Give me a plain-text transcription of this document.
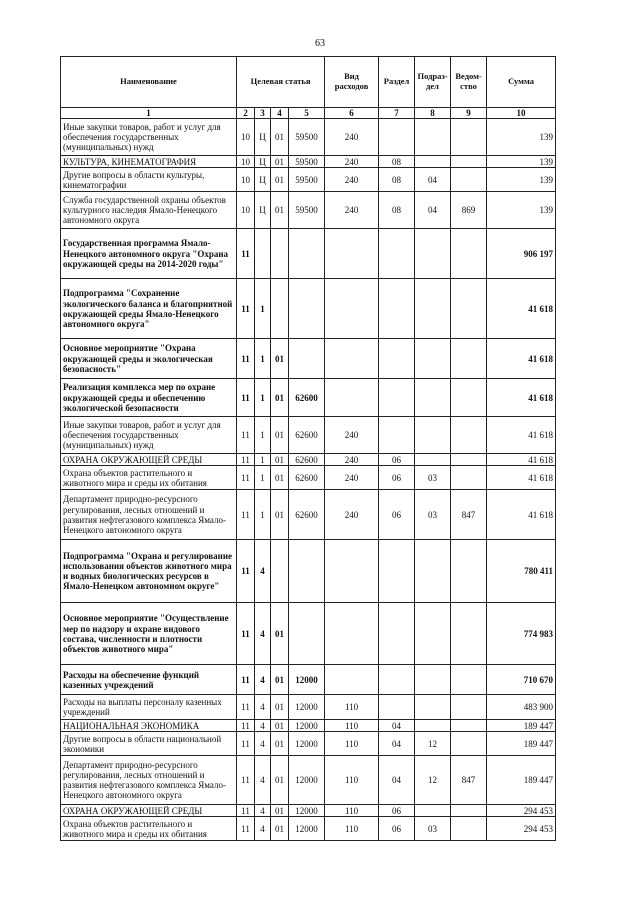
63
Наименование	Целевая статья				Вид расходов	Раздел	Подраз-дел	Ведом-ство	Сумма
1	2	3	4	5	6	7	8	9	10
Иные закупки товаров, работ и услуг для обеспечения государственных (муниципальных) нужд	10	Ц	01	59500	240				139
КУЛЬТУРА, КИНЕМАТОГРАФИЯ	10	Ц	01	59500	240	08			139
Другие вопросы в области культуры, кинематографии	10	Ц	01	59500	240	08	04		139
Служба государственной охраны объектов культурного наследия Ямало-Ненецкого автономного округа	10	Ц	01	59500	240	08	04	869	139
Государственная программа Ямало-Ненецкого автономного округа "Охрана окружающей среды на 2014-2020 годы"	11								906 197
Подпрограмма "Сохранение экологического баланса и благоприятной окружающей среды Ямало-Ненецкого автономного округа"	11	1							41 618
Основное мероприятие "Охрана окружающей среды и экологическая безопасность"	11	1	01						41 618
Реализация комплекса мер по охране окружающей среды и обеспечению экологической безопасности	11	1	01	62600					41 618
Иные закупки товаров, работ и услуг для обеспечения государственных (муниципальных) нужд	11	1	01	62600	240				41 618
ОХРАНА ОКРУЖАЮЩЕЙ СРЕДЫ	11	1	01	62600	240	06			41 618
Охрана объектов растительного и животного мира и среды их обитания	11	1	01	62600	240	06	03		41 618
Департамент природно-ресурсного регулирования, лесных отношений и развития нефтегазового комплекса Ямало-Ненецкого автономного округа	11	1	01	62600	240	06	03	847	41 618
Подпрограмма "Охрана и регулирование использования объектов животного мира и водных биологических ресурсов в Ямало-Ненецком автономном округе"	11	4							780 411
Основное мероприятие "Осуществление мер по надзору и охране видового состава, численности и плотности объектов животного мира"	11	4	01						774 983
Расходы на обеспечение функций казенных учреждений	11	4	01	12000					710 670
Расходы на выплаты персоналу казенных учреждений	11	4	01	12000	110				483 900
НАЦИОНАЛЬНАЯ ЭКОНОМИКА	11	4	01	12000	110	04			189 447
Другие вопросы в области национальной экономики	11	4	01	12000	110	04	12		189 447
Департамент природно-ресурсного регулирования, лесных отношений и развития нефтегазового комплекса Ямало-Ненецкого автономного округа	11	4	01	12000	110	04	12	847	189 447
ОХРАНА ОКРУЖАЮЩЕЙ СРЕДЫ	11	4	01	12000	110	06			294 453
Охрана объектов растительного и животного мира и среды их обитания	11	4	01	12000	110	06	03		294 453
